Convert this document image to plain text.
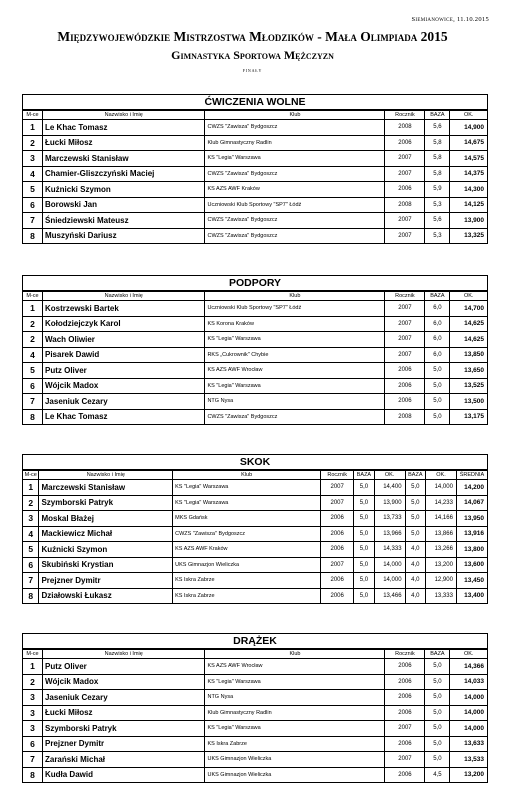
Siemianowice, 11.10.2015
Międzywojewódzkie Mistrzostwa Młodzików - Mała Olimpiada 2015
Gimnastyka Sportowa Mężczyzn
finały
ĆWICZENIA WOLNE					
M-ce	Nazwisko i Imię	Klub	Rocznik	BAZA	OK.
1	Le Khac Tomasz	CWZS "Zawisza" Bydgoszcz	2008	5,6	14,900
2	Łucki Miłosz	Klub Gimnastyczny Radlin	2006	5,8	14,675
3	Marczewski Stanisław	KS "Legia" Warszawa	2007	5,8	14,575
4	Chamier-Gliszczyński Maciej	CWZS "Zawisza" Bydgoszcz	2007	5,8	14,375
5	Kuźnicki Szymon	KS AZS AWF Kraków	2006	5,9	14,300
6	Borowski Jan	Uczniowski Klub Sportowy "SP7" Łódź	2008	5,3	14,125
7	Śniedziewski Mateusz	CWZS "Zawisza" Bydgoszcz	2007	5,6	13,900
8	Muszyński Dariusz	CWZS "Zawisza" Bydgoszcz	2007	5,3	13,325
PODPORY					
M-ce	Nazwisko i Imię	Klub	Rocznik	BAZA	OK.
1	Kostrzewski Bartek	Uczniowski Klub Sportowy "SP7" Łódź	2007	6,0	14,700
2	Kołodziejczyk Karol	KS Korona Kraków	2007	6,0	14,625
2	Wach Oliwier	KS "Legia" Warszawa	2007	6,0	14,625
4	Pisarek Dawid	RKS „Cukrownik" Chybie	2007	6,0	13,850
5	Putz Oliver	KS AZS AWF Wrocław	2006	5,0	13,650
6	Wójcik Madox	KS "Legia" Warszawa	2006	5,0	13,525
7	Jaseniuk Cezary	NTG Nysa	2006	5,0	13,500
8	Le Khac Tomasz	CWZS "Zawisza" Bydgoszcz	2008	5,0	13,175
SKOK								
M-ce	Nazwisko i Imię	Klub	Rocznik	BAZA	OK.	BAZA	OK.	ŚREDNIA
1	Marczewski Stanisław	KS "Legia" Warszawa	2007	5,0	14,400	5,0	14,000	14,200
2	Szymborski Patryk	KS "Legia" Warszawa	2007	5,0	13,900	5,0	14,233	14,067
3	Moskal Błażej	MKS Gdańsk	2006	5,0	13,733	5,0	14,166	13,950
4	Mackiewicz Michał	CWZS "Zawisza" Bydgoszcz	2006	5,0	13,966	5,0	13,866	13,916
5	Kuźnicki Szymon	KS AZS AWF Kraków	2006	5,0	14,333	4,0	13,266	13,800
6	Skubiński Krystian	UKS Gimnazjon Wieliczka	2007	5,0	14,000	4,0	13,200	13,600
7	Prejzner Dymitr	KS Iskra Zabrze	2006	5,0	14,000	4,0	12,900	13,450
8	Działowski Łukasz	KS Iskra Zabrze	2006	5,0	13,466	4,0	13,333	13,400
DRĄŻEK					
M-ce	Nazwisko i Imię	Klub	Rocznik	BAZA	OK.
1	Putz Oliver	KS AZS AWF Wrocław	2006	5,0	14,366
2	Wójcik Madox	KS "Legia" Warszawa	2006	5,0	14,033
3	Jaseniuk Cezary	NTG Nysa	2006	5,0	14,000
3	Łucki Miłosz	Klub Gimnastyczny Radlin	2006	5,0	14,000
3	Szymborski Patryk	KS "Legia" Warszawa	2007	5,0	14,000
6	Prejzner Dymitr	KS Iskra Zabrze	2006	5,0	13,633
7	Zarański Michał	UKS Gimnazjon Wieliczka	2007	5,0	13,533
8	Kudła Dawid	UKS Gimnazjon Wieliczka	2006	4,5	13,200
